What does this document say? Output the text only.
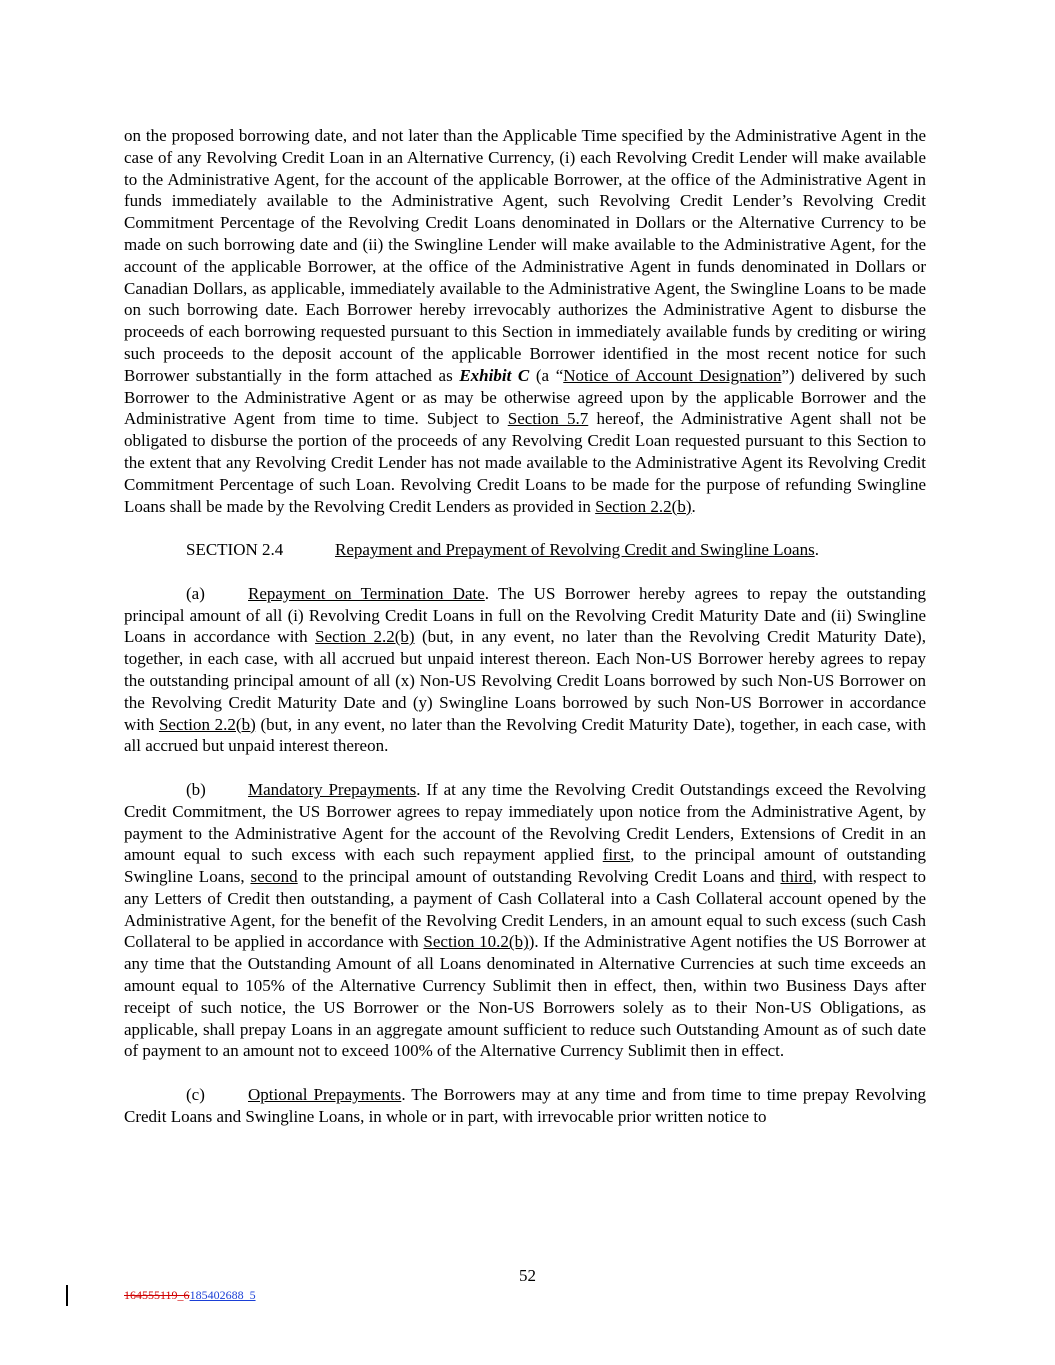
on the proposed borrowing date, and not later than the Applicable Time specified by the Administrative Agent in the case of any Revolving Credit Loan in an Alternative Currency, (i) each Revolving Credit Lender will make available to the Administrative Agent, for the account of the applicable Borrower, at the office of the Administrative Agent in funds immediately available to the Administrative Agent, such Revolving Credit Lender’s Revolving Credit Commitment Percentage of the Revolving Credit Loans denominated in Dollars or the Alternative Currency to be made on such borrowing date and (ii) the Swingline Lender will make available to the Administrative Agent, for the account of the applicable Borrower, at the office of the Administrative Agent in funds denominated in Dollars or Canadian Dollars, as applicable, immediately available to the Administrative Agent, the Swingline Loans to be made on such borrowing date. Each Borrower hereby irrevocably authorizes the Administrative Agent to disburse the proceeds of each borrowing requested pursuant to this Section in immediately available funds by crediting or wiring such proceeds to the deposit account of the applicable Borrower identified in the most recent notice for such Borrower substantially in the form attached as Exhibit C (a “Notice of Account Designation”) delivered by such Borrower to the Administrative Agent or as may be otherwise agreed upon by the applicable Borrower and the Administrative Agent from time to time. Subject to Section 5.7 hereof, the Administrative Agent shall not be obligated to disburse the portion of the proceeds of any Revolving Credit Loan requested pursuant to this Section to the extent that any Revolving Credit Lender has not made available to the Administrative Agent its Revolving Credit Commitment Percentage of such Loan. Revolving Credit Loans to be made for the purpose of refunding Swingline Loans shall be made by the Revolving Credit Lenders as provided in Section 2.2(b).

SECTION 2.4	Repayment and Prepayment of Revolving Credit and Swingline Loans.

(a)	Repayment on Termination Date. The US Borrower hereby agrees to repay the outstanding principal amount of all (i) Revolving Credit Loans in full on the Revolving Credit Maturity Date and (ii) Swingline Loans in accordance with Section 2.2(b) (but, in any event, no later than the Revolving Credit Maturity Date), together, in each case, with all accrued but unpaid interest thereon. Each Non-US Borrower hereby agrees to repay the outstanding principal amount of all (x) Non-US Revolving Credit Loans borrowed by such Non-US Borrower on the Revolving Credit Maturity Date and (y) Swingline Loans borrowed by such Non-US Borrower in accordance with Section 2.2(b) (but, in any event, no later than the Revolving Credit Maturity Date), together, in each case, with all accrued but unpaid interest thereon.

(b) Mandatory Prepayments. If at any time the Revolving Credit Outstandings exceed the Revolving Credit Commitment, the US Borrower agrees to repay immediately upon notice from the Administrative Agent, by payment to the Administrative Agent for the account of the Revolving Credit Lenders, Extensions of Credit in an amount equal to such excess with each such repayment applied first, to the principal amount of outstanding Swingline Loans, second to the principal amount of outstanding Revolving Credit Loans and third, with respect to any Letters of Credit then outstanding, a payment of Cash Collateral into a Cash Collateral account opened by the Administrative Agent, for the benefit of the Revolving Credit Lenders, in an amount equal to such excess (such Cash Collateral to be applied in accordance with Section 10.2(b)). If the Administrative Agent notifies the US Borrower at any time that the Outstanding Amount of all Loans denominated in Alternative Currencies at such time exceeds an amount equal to 105% of the Alternative Currency Sublimit then in effect, then, within two Business Days after receipt of such notice, the US Borrower or the Non-US Borrowers solely as to their Non-US Obligations, as applicable, shall prepay Loans in an aggregate amount sufficient to reduce such Outstanding Amount as of such date of payment to an amount not to exceed 100% of the Alternative Currency Sublimit then in effect.

(c)	Optional Prepayments. The Borrowers may at any time and from time to time prepay Revolving Credit Loans and Swingline Loans, in whole or in part, with irrevocable prior written notice to

52
164555119_6185402688_5
